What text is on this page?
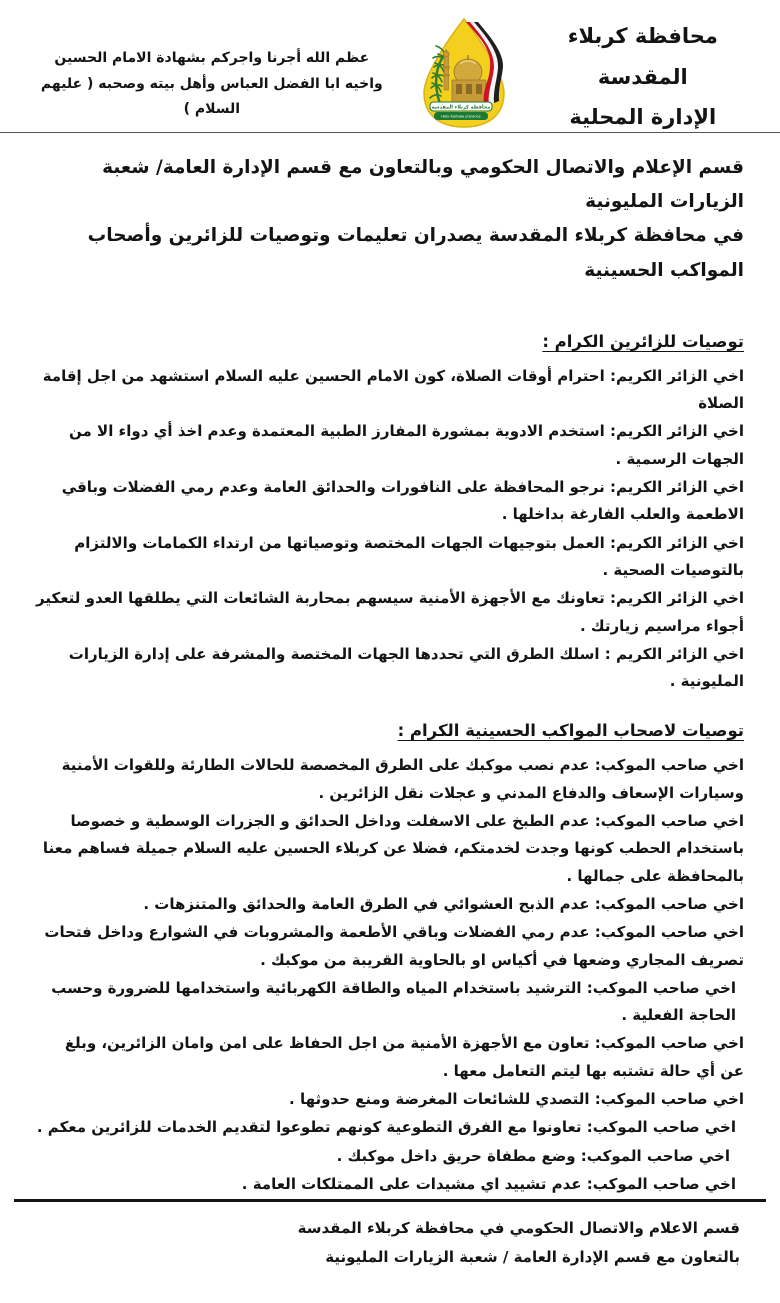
محافظة كربلاء المقدسة
الإدارة المحلية
محافظة كربلاء المقدسة
Holy Karbala province
عظم الله أجرنا واجركم بشهادة الامام الحسين
واخيه ابا الفضل العباس وأهل بيته وصحبه ( عليهم السلام )
قسم الإعلام والاتصال الحكومي وبالتعاون مع قسم الإدارة العامة/ شعبة الزيارات المليونية
في محافظة كربلاء المقدسة يصدران تعليمات وتوصيات للزائرين وأصحاب المواكب الحسينية
توصيات للزائرين الكرام :

اخي الزائر الكريم: احترام أوقات الصلاة، كون الامام الحسين عليه السلام استشهد من اجل إقامة الصلاة

اخي الزائر الكريم: استخدم الادوية بمشورة المفارز الطبية المعتمدة وعدم اخذ أي دواء الا من الجهات الرسمية .

اخي الزائر الكريم: نرجو المحافظة على النافورات والحدائق العامة وعدم رمي الفضلات وباقي الاطعمة والعلب الفارغة بداخلها .

اخي الزائر الكريم: العمل بتوجيهات الجهات المختصة وتوصياتها من ارتداء الكمامات والالتزام بالتوصيات الصحية .

اخي الزائر الكريم: تعاونك مع الأجهزة الأمنية سيسهم بمحاربة الشائعات التي يطلقها العدو لتعكير أجواء مراسيم زيارتك .

اخي الزائر الكريم : اسلك الطرق التي تحددها الجهات المختصة والمشرفة على إدارة الزيارات المليونية .

توصيات لاصحاب المواكب الحسينية الكرام :

اخي صاحب الموكب: عدم نصب موكبك على الطرق المخصصة للحالات الطارئة وللقوات الأمنية وسيارات الإسعاف والدفاع المدني و عجلات نقل الزائرين .

اخي صاحب الموكب: عدم الطبخ على الاسفلت وداخل الحدائق و الجزرات الوسطية و خصوصا باستخدام الحطب كونها وجدت لخدمتكم، فضلا عن كربلاء الحسين عليه السلام جميلة فساهم معنا بالمحافظة على جمالها .

اخي صاحب الموكب: عدم الذبح العشوائي في الطرق العامة والحدائق والمتنزهات .

اخي صاحب الموكب: عدم رمي الفضلات وباقي الأطعمة والمشروبات في الشوارع وداخل فتحات تصريف المجاري وضعها في أكياس او بالحاوية القريبة من موكبك .

اخي صاحب الموكب: الترشيد باستخدام المياه والطاقة الكهربائية واستخدامها للضرورة وحسب الحاجة الفعلية .

اخي صاحب الموكب: تعاون مع الأجهزة الأمنية من اجل الحفاظ على امن وامان الزائرين، وبلغ عن أي حالة تشتبه بها ليتم التعامل معها .

اخي صاحب الموكب: التصدي للشائعات المغرضة ومنع حدوثها .

اخي صاحب الموكب: تعاونوا مع الفرق التطوعية كونهم تطوعوا لتقديم الخدمات للزائرين معكم .

اخي صاحب الموكب: وضع مطفاة حريق داخل موكبك .

اخي صاحب الموكب: عدم تشييد اي مشيدات على الممتلكات العامة .

قسم الاعلام والاتصال الحكومي في محافظة كربلاء المقدسة
بالتعاون مع قسم الإدارة العامة / شعبة الزيارات المليونية
